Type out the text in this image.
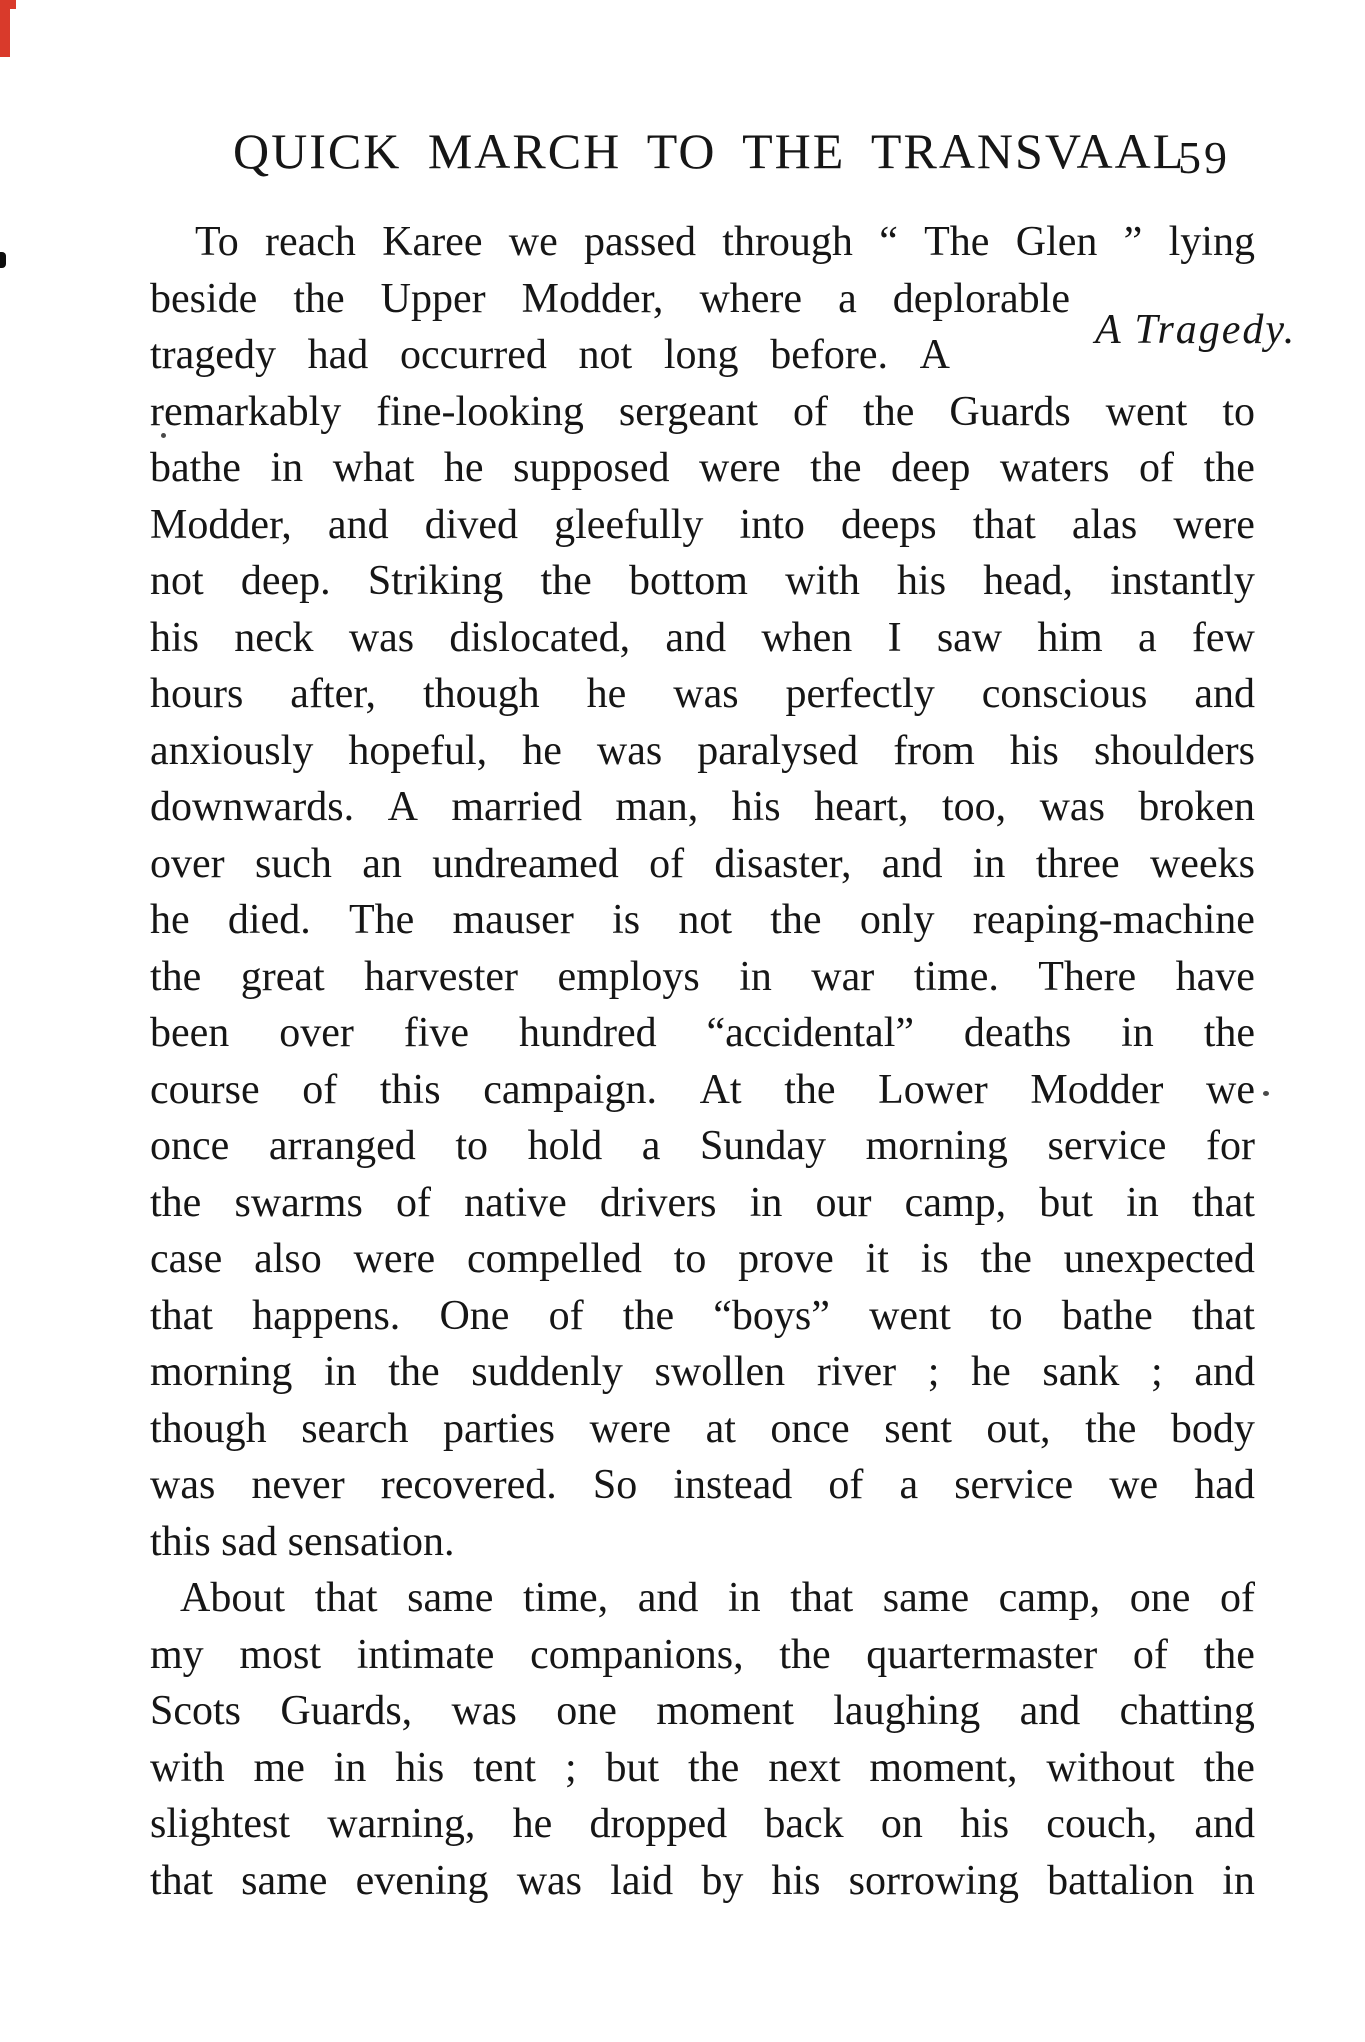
QUICK MARCH TO THE TRANSVAAL
59
A Tragedy.
To reach Karee we passed through “ The Glen ” lying
beside the Upper Modder, where a deplorable
tragedy had occurred not long before. A
remarkably fine-looking sergeant of the Guards went to
bathe in what he supposed were the deep waters of the
Modder, and dived gleefully into deeps that alas were
not deep. Striking the bottom with his head, instantly
his neck was dislocated, and when I saw him a few
hours after, though he was perfectly conscious and
anxiously hopeful, he was paralysed from his shoulders
downwards. A married man, his heart, too, was broken
over such an undreamed of disaster, and in three weeks
he died. The mauser is not the only reaping-machine
the great harvester employs in war time. There have
been over five hundred “accidental” deaths in the
course of this campaign. At the Lower Modder we
once arranged to hold a Sunday morning service for
the swarms of native drivers in our camp, but in that
case also were compelled to prove it is the unexpected
that happens. One of the “boys” went to bathe that
morning in the suddenly swollen river ; he sank ; and
though search parties were at once sent out, the body
was never recovered. So instead of a service we had
this sad sensation.
About that same time, and in that same camp, one of
my most intimate companions, the quartermaster of the
Scots Guards, was one moment laughing and chatting
with me in his tent ; but the next moment, without the
slightest warning, he dropped back on his couch, and
that same evening was laid by his sorrowing battalion in
